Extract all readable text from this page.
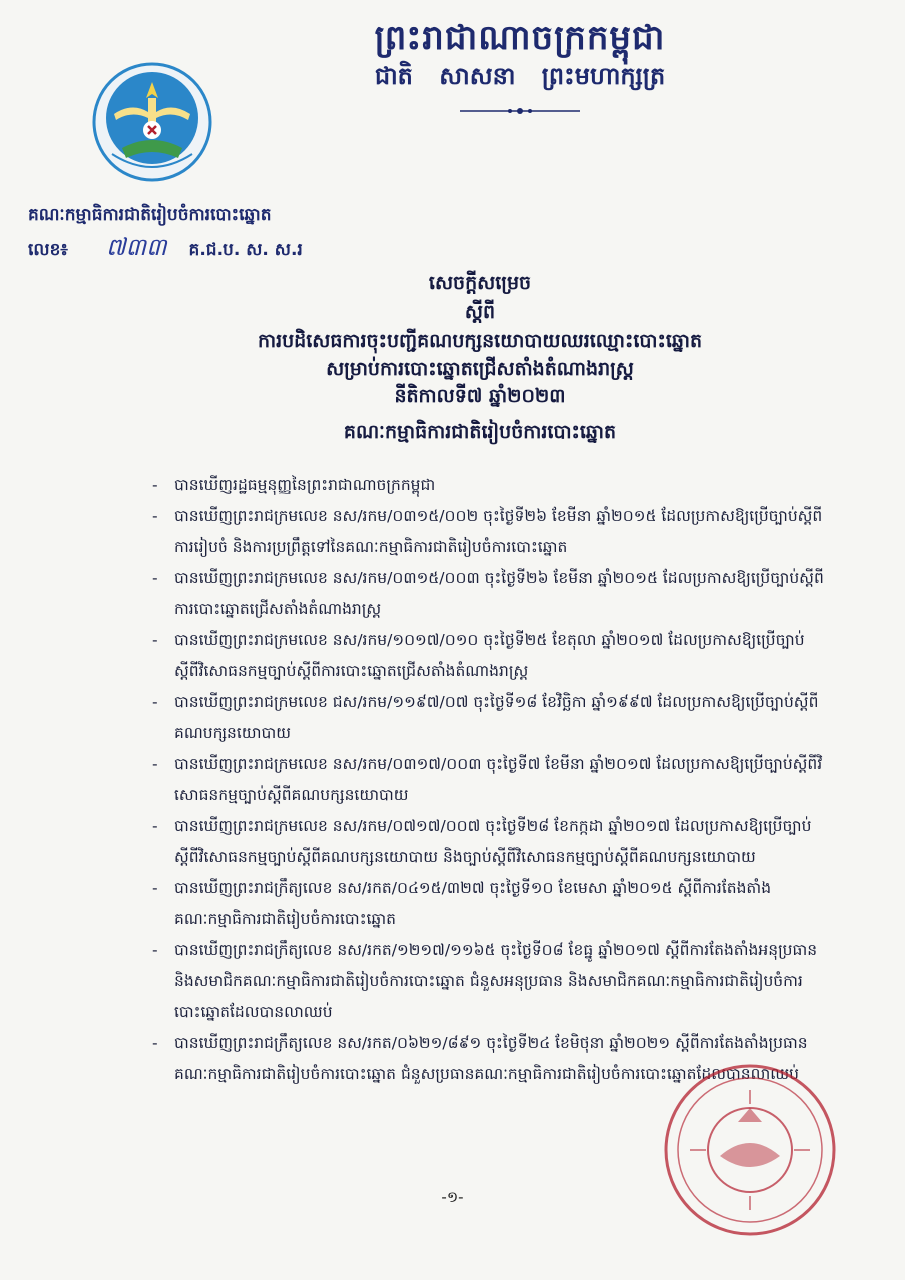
ព្រះរាជាណាចក្រកម្ពុជា
ជាតិ សាសនា ព្រះមហាក្សត្រ
គណៈកម្មាធិការជាតិរៀបចំការបោះឆ្នោត
លេខ៖ ៧៣៣ គ.ជ.ប. ស. ស.រ
សេចក្ដីសម្រេច
ស្ដីពី
ការបដិសេធការចុះបញ្ជីគណបក្សនយោបាយឈរឈ្មោះបោះឆ្នោត
សម្រាប់ការបោះឆ្នោតជ្រើសតាំងតំណាងរាស្ត្រ
នីតិកាលទី៧ ឆ្នាំ២០២៣
គណៈកម្មាធិការជាតិរៀបចំការបោះឆ្នោត
- បានឃើញរដ្ឋធម្មនុញ្ញនៃព្រះរាជាណាចក្រកម្ពុជា
- បានឃើញព្រះរាជក្រមលេខ នស/រកម/០៣១៥/០០២ ចុះថ្ងៃទី២៦ ខែមីនា ឆ្នាំ២០១៥ ដែលប្រកាសឱ្យប្រើច្បាប់ស្ដីពីការរៀបចំ និងការប្រព្រឹត្តទៅនៃគណៈកម្មាធិការជាតិរៀបចំការបោះឆ្នោត
- បានឃើញព្រះរាជក្រមលេខ នស/រកម/០៣១៥/០០៣ ចុះថ្ងៃទី២៦ ខែមីនា ឆ្នាំ២០១៥ ដែលប្រកាសឱ្យប្រើច្បាប់ស្ដីពីការបោះឆ្នោតជ្រើសតាំងតំណាងរាស្ត្រ
- បានឃើញព្រះរាជក្រមលេខ នស/រកម/១០១៧/០១០ ចុះថ្ងៃទី២៥ ខែតុលា ឆ្នាំ២០១៧ ដែលប្រកាសឱ្យប្រើច្បាប់ស្ដីពីវិសោធនកម្មច្បាប់ស្ដីពីការបោះឆ្នោតជ្រើសតាំងតំណាងរាស្ត្រ
- បានឃើញព្រះរាជក្រមលេខ ជស/រកម/១១៩៧/០៧ ចុះថ្ងៃទី១៨ ខែវិច្ឆិកា ឆ្នាំ១៩៩៧ ដែលប្រកាសឱ្យប្រើច្បាប់ស្ដីពីគណបក្សនយោបាយ
- បានឃើញព្រះរាជក្រមលេខ នស/រកម/០៣១៧/០០៣ ចុះថ្ងៃទី៧ ខែមីនា ឆ្នាំ២០១៧ ដែលប្រកាសឱ្យប្រើច្បាប់ស្ដីពីវិសោធនកម្មច្បាប់ស្ដីពីគណបក្សនយោបាយ
- បានឃើញព្រះរាជក្រមលេខ នស/រកម/០៧១៧/០០៧ ចុះថ្ងៃទី២៨ ខែកក្កដា ឆ្នាំ២០១៧ ដែលប្រកាសឱ្យប្រើច្បាប់ស្ដីពីវិសោធនកម្មច្បាប់ស្ដីពីគណបក្សនយោបាយ និងច្បាប់ស្ដីពីវិសោធនកម្មច្បាប់ស្ដីពីគណបក្សនយោបាយ
- បានឃើញព្រះរាជក្រឹត្យលេខ នស/រកត/០៤១៥/៣២៧ ចុះថ្ងៃទី១០ ខែមេសា ឆ្នាំ២០១៥ ស្ដីពីការតែងតាំងគណៈកម្មាធិការជាតិរៀបចំការបោះឆ្នោត
- បានឃើញព្រះរាជក្រឹត្យលេខ នស/រកត/១២១៧/១១៦៥ ចុះថ្ងៃទី០៨ ខែធ្នូ ឆ្នាំ២០១៧ ស្ដីពីការតែងតាំងអនុប្រធាន និងសមាជិកគណៈកម្មាធិការជាតិរៀបចំការបោះឆ្នោត ជំនួសអនុប្រធាន និងសមាជិកគណៈកម្មាធិការជាតិរៀបចំការបោះឆ្នោតដែលបានលាឈប់
- បានឃើញព្រះរាជក្រឹត្យលេខ នស/រកត/០៦២១/៨៩១ ចុះថ្ងៃទី២៤ ខែមិថុនា ឆ្នាំ២០២១ ស្ដីពីការតែងតាំងប្រធានគណៈកម្មាធិការជាតិរៀបចំការបោះឆ្នោត ជំនួសប្រធានគណៈកម្មាធិការជាតិរៀបចំការបោះឆ្នោតដែលបានលាឈប់
-១-
